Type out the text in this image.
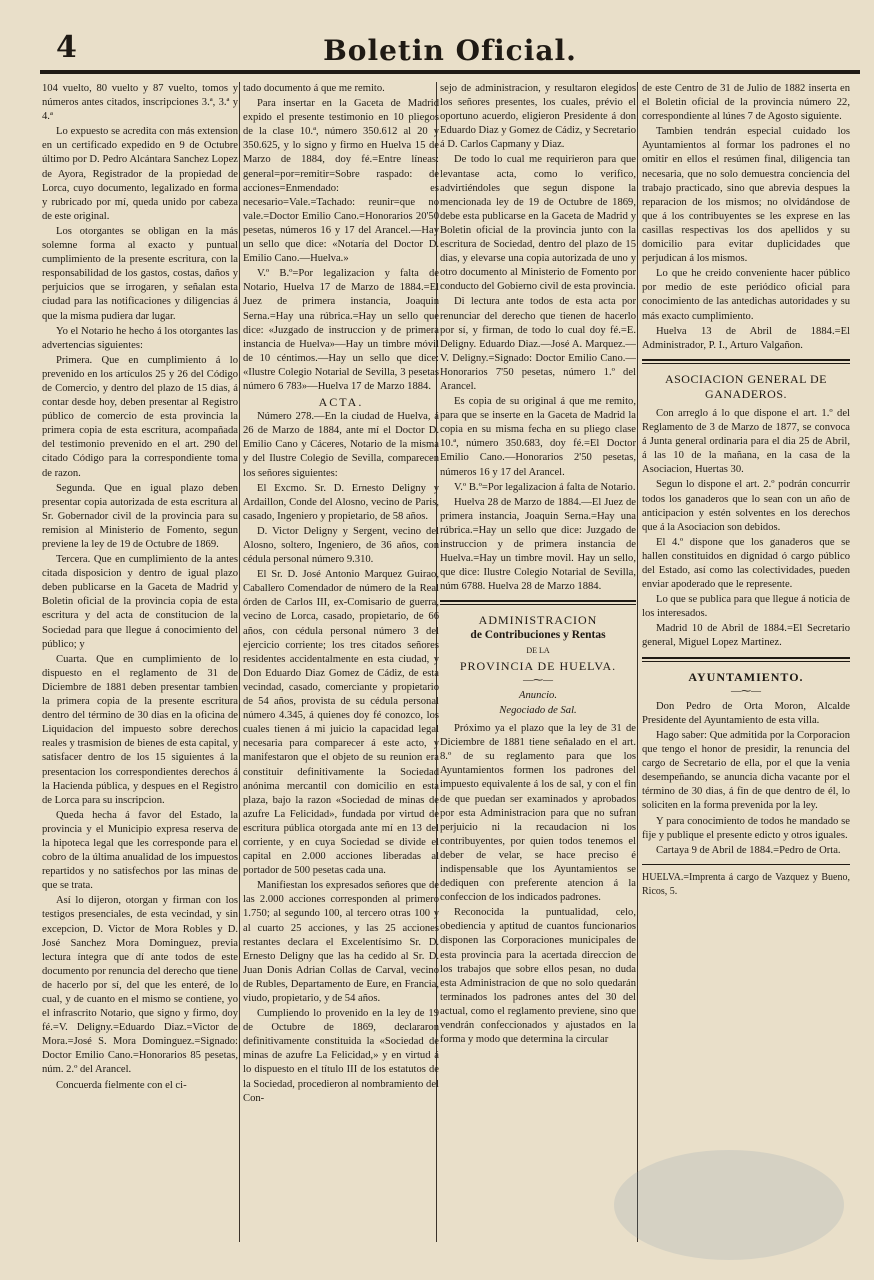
4	Boletin Oficial.

104 vuelto, 80 vuelto y 87 vuelto, tomos y números antes citados, inscripciones 3.ª, 3.ª y 4.ª

Lo expuesto se acredita con más extension en un certificado expedido en 9 de Octubre último por D. Pedro Alcántara Sanchez Lopez de Ayora, Registrador de la propiedad de Lorca, cuyo documento, legalizado en forma y rubricado por mí, queda unido por cabeza de este original.

Los otorgantes se obligan en la más solemne forma al exacto y puntual cumplimiento de la presente escritura, con la responsabilidad de los gastos, costas, daños y perjuicios que se irrogaren, y señalan esta ciudad para las notificaciones y diligencias á que la misma pudiera dar lugar.

Yo el Notario he hecho á los otorgantes las advertencias siguientes:

Primera. Que en cumplimiento á lo prevenido en los artículos 25 y 26 del Código de Comercio, y dentro del plazo de 15 dias, á contar desde hoy, deben presentar al Registro público de comercio de esta provincia la primera copia de esta escritura, acompañada del testimonio prevenido en el art. 290 del citado Código para la correspondiente toma de razon.

Segunda. Que en igual plazo deben presentar copia autorizada de esta escritura al Sr. Gobernador civil de la provincia para su remision al Ministerio de Fomento, segun previene la ley de 19 de Octubre de 1869.

Tercera. Que en cumplimiento de la antes citada disposicion y dentro de igual plazo deben publicarse en la Gaceta de Madrid y Boletin oficial de la provincia copia de esta escritura y del acta de constitucion de la Sociedad para que llegue á conocimiento del público; y

Cuarta. Que en cumplimiento de lo dispuesto en el reglamento de 31 de Diciembre de 1881 deben presentar tambien la primera copia de la presente escritura dentro del término de 30 dias en la oficina de Liquidacion del impuesto sobre derechos reales y trasmision de bienes de esta capital, y satisfacer dentro de los 15 siguientes á la presentacion los correspondientes derechos á la Hacienda pública, y despues en el Registro de Lorca para su inscripcion.

Queda hecha á favor del Estado, la provincia y el Municipio expresa reserva de la hipoteca legal que les corresponde para el cobro de la última anualidad de los impuestos repartidos y no satisfechos por las minas de que se trata.

Así lo dijeron, otorgan y firman con los testigos presenciales, de esta vecindad, y sin excepcion, D. Victor de Mora Robles y D. José Sanchez Mora Dominguez, previa lectura íntegra que dí ante todos de este documento por renuncia del derecho que tiene de hacerlo por sí, del que les enteré, de lo cual, y de cuanto en el mismo se contiene, yo el infrascrito Notario, que signo y firmo, doy fé.=V. Deligny.=Eduardo Diaz.=Victor de Mora.=José S. Mora Dominguez.=Signado: Doctor Emilio Cano.=Honorarios 85 pesetas, núm. 2.º del Arancel.

Concuerda fielmente con el ci-

tado documento á que me remito.

Para insertar en la Gaceta de Madrid expido el presente testimonio en 10 pliegos de la clase 10.ª, número 350.612 al 20 y 350.625, y lo signo y firmo en Huelva 15 de Marzo de 1884, doy fé.=Entre líneas: general=por=remitir=Sobre raspado: de acciones=Enmendado: es necesario=Vale.=Tachado: reunir=que no vale.=Doctor Emilio Cano.=Honorarios 20'50 pesetas, números 16 y 17 del Arancel.—Hay un sello que dice: «Notaría del Doctor D. Emilio Cano.—Huelva.»

V.º B.º=Por legalizacion y falta de Notario, Huelva 17 de Marzo de 1884.=El Juez de primera instancia, Joaquin Serna.=Hay una rúbrica.=Hay un sello que dice: «Juzgado de instruccion y de primera instancia de Huelva»—Hay un timbre móvil de 10 céntimos.—Hay un sello que dice: «Ilustre Colegio Notarial de Sevilla, 3 pesetas número 6 783»—Huelva 17 de Marzo 1884.

ACTA.

Número 278.—En la ciudad de Huelva, á 26 de Marzo de 1884, ante mí el Doctor D. Emilio Cano y Cáceres, Notario de la misma y del Ilustre Colegio de Sevilla, comparecen los señores siguientes:

El Excmo. Sr. D. Ernesto Deligny y Ardaillon, Conde del Alosno, vecino de Paris, casado, Ingeniero y propietario, de 58 años.

D. Victor Deligny y Sergent, vecino del Alosno, soltero, Ingeniero, de 36 años, con cédula personal número 9.310.

El Sr. D. José Antonio Marquez Guirao, Caballero Comendador de número de la Real órden de Carlos III, ex-Comisario de guerra, vecino de Lorca, casado, propietario, de 66 años, con cédula personal número 3 del ejercicio corriente; los tres citados señores residentes accidentalmente en esta ciudad, y Don Eduardo Diaz Gomez de Cádiz, de esta vecindad, casado, comerciante y propietario de 54 años, provista de su cédula personal número 4.345, á quienes doy fé conozco, los cuales tienen á mi juicio la capacidad legal necesaria para comparecer á este acto, y manifestaron que el objeto de su reunion era constituir definitivamente la Sociedad anónima mercantil con domicilio en esta plaza, bajo la razon «Sociedad de minas de azufre La Felicidad», fundada por virtud de escritura pública otorgada ante mí en 13 del corriente, y en cuya Sociedad se divide el capital en 2.000 acciones liberadas al portador de 500 pesetas cada una.

Manifiestan los expresados señores que de las 2.000 acciones corresponden al primero 1.750; al segundo 100, al tercero otras 100 y al cuarto 25 acciones, y las 25 acciones restantes declara el Excelentísimo Sr. D. Ernesto Deligny que las ha cedido al Sr. D. Juan Donis Adrian Collas de Carval, vecino de Rubles, Departamento de Eure, en Francia, viudo, propietario, y de 54 años.

Cumpliendo lo provenido en la ley de 19 de Octubre de 1869, declararon definitivamente constituida la «Sociedad de minas de azufre La Felicidad,» y en virtud á lo dispuesto en el título III de los estatutos de la Sociedad, procedieron al nombramiento del Con-

sejo de administracion, y resultaron elegidos los señores presentes, los cuales, prévio el oportuno acuerdo, eligieron Presidente á don Eduardo Diaz y Gomez de Cádiz, y Secretario á D. Carlos Capmany y Diaz.

De todo lo cual me requirieron para que levantase acta, como lo verifico, advirtiéndoles que segun dispone la mencionada ley de 19 de Octubre de 1869, debe esta publicarse en la Gaceta de Madrid y Boletin oficial de la provincia junto con la escritura de Sociedad, dentro del plazo de 15 dias, y elevarse una copia autorizada de uno y otro documento al Ministerio de Fomento por conducto del Gobierno civil de esta provincia.

Di lectura ante todos de esta acta por renunciar del derecho que tienen de hacerlo por sí, y firman, de todo lo cual doy fé.=E. Deligny. Eduardo Diaz.—José A. Marquez.—V. Deligny.=Signado: Doctor Emilio Cano.—Honorarios 7'50 pesetas, número 1.º del Arancel.

Es copia de su original á que me remito, para que se inserte en la Gaceta de Madrid la copia en su misma fecha en su pliego clase 10.ª, número 350.683, doy fé.=El Doctor Emilio Cano.—Honorarios 2'50 pesetas, números 16 y 17 del Arancel.

V.º B.º=Por legalizacion á falta de Notario.

Huelva 28 de Marzo de 1884.—El Juez de primera instancia, Joaquin Serna.=Hay una rúbrica.=Hay un sello que dice: Juzgado de instruccion y de primera instancia de Huelva.=Hay un timbre movil. Hay un sello, que dice: Ilustre Colegio Notarial de Sevilla, núm 6788. Huelva 28 de Marzo 1884.

ADMINISTRACION

de Contribuciones y Rentas

DE LA

PROVINCIA DE HUELVA.

—⁓—

Anuncio.

Negociado de Sal.

Próximo ya el plazo que la ley de 31 de Diciembre de 1881 tiene señalado en el art. 8.º de su reglamento para que los Ayuntamientos formen los padrones del impuesto equivalente á los de sal, y con el fin de que puedan ser examinados y aprobados por esta Administracion para que no sufran perjuicio ni la recaudacion ni los contribuyentes, por quien todos tenemos el deber de velar, se hace preciso é indispensable que los Ayuntamientos se dediquen con preferente atencion á la confeccion de los indicados padrones.

Reconocida la puntualidad, celo, obediencia y aptitud de cuantos funcionarios disponen las Corporaciones municipales de esta provincia para la acertada direccion de los trabajos que sobre ellos pesan, no duda esta Administracion de que no solo quedarán terminados los padrones antes del 30 del actual, como el reglamento previene, sino que vendrán confeccionados y ajustados en la forma y modo que determina la circular

de este Centro de 31 de Julio de 1882 inserta en el Boletin oficial de la provincia número 22, correspondiente al lúnes 7 de Agosto siguiente.

Tambien tendrán especial cuidado los Ayuntamientos al formar los padrones el no omitir en ellos el resúmen final, diligencia tan necesaria, que no solo demuestra conciencia del trabajo practicado, sino que abrevia despues la reparacion de los mismos; no olvidándose de que á los contribuyentes se les exprese en las casillas respectivas los dos apellidos y su domicilio para evitar duplicidades que perjudican á los mismos.

Lo que he creido conveniente hacer público por medio de este periódico oficial para conocimiento de las antedichas autoridades y su más exacto cumplimiento.

Huelva 13 de Abril de 1884.=El Administrador, P. I., Arturo Valgañon.

ASOCIACION GENERAL DE

GANADEROS.

Con arreglo á lo que dispone el art. 1.º del Reglamento de 3 de Marzo de 1877, se convoca á Junta general ordinaria para el dia 25 de Abril, á las 10 de la mañana, en la casa de la Asociacion, Huertas 30.

Segun lo dispone el art. 2.º podrán concurrir todos los ganaderos que lo sean con un año de anticipacion y estén solventes en los derechos que á la Asociacion son debidos.

El 4.º dispone que los ganaderos que se hallen constituidos en dignidad ó cargo público del Estado, así como las colectividades, pueden enviar apoderado que le represente.

Lo que se publica para que llegue á noticia de los interesados.

Madrid 10 de Abril de 1884.=El Secretario general, Miguel Lopez Martinez.

AYUNTAMIENTO.

—⁓—

Don Pedro de Orta Moron, Alcalde Presidente del Ayuntamiento de esta villa.

Hago saber: Que admitida por la Corporacion que tengo el honor de presidir, la renuncia del cargo de Secretario de ella, por el que la venia desempeñando, se anuncia dicha vacante por el término de 30 dias, á fin de que dentro de él, lo soliciten en la forma prevenida por la ley.

Y para conocimiento de todos he mandado se fije y publique el presente edicto y otros iguales.

Cartaya 9 de Abril de 1884.=Pedro de Orta.

HUELVA.=Imprenta á cargo de Vazquez y Bueno, Ricos, 5.
